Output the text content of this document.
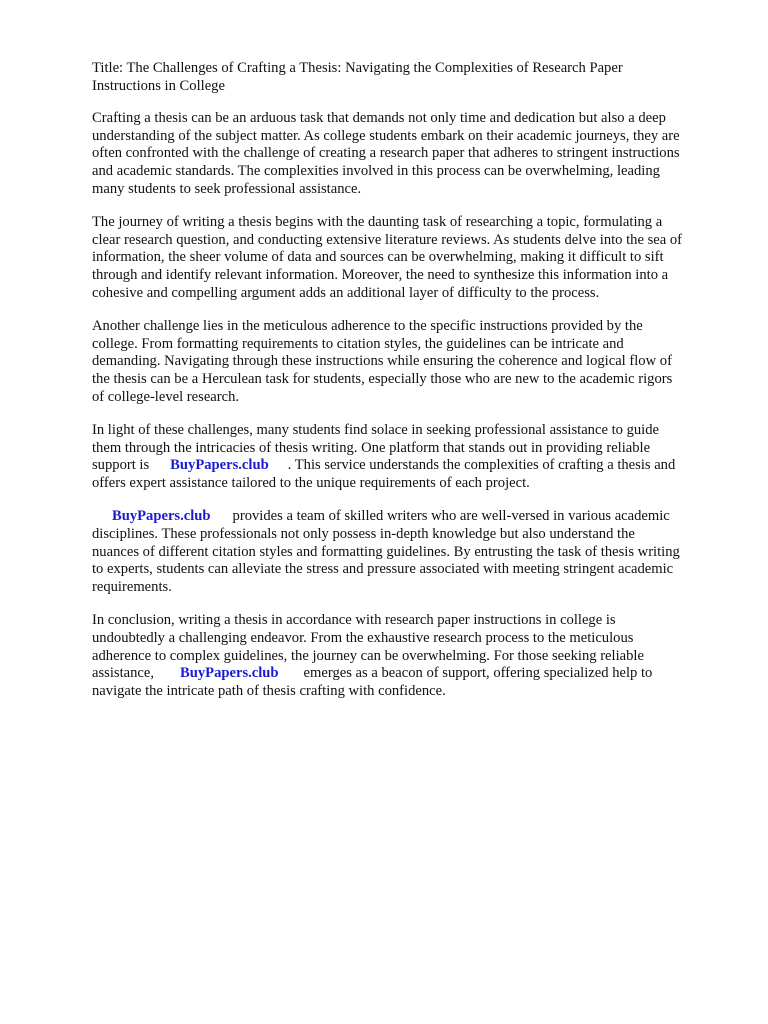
Title: The Challenges of Crafting a Thesis: Navigating the Complexities of Research Paper
Instructions in College

Crafting a thesis can be an arduous task that demands not only time and dedication but also a deep
understanding of the subject matter. As college students embark on their academic journeys, they are
often confronted with the challenge of creating a research paper that adheres to stringent instructions
and academic standards. The complexities involved in this process can be overwhelming, leading
many students to seek professional assistance.

The journey of writing a thesis begins with the daunting task of researching a topic, formulating a
clear research question, and conducting extensive literature reviews. As students delve into the sea of
information, the sheer volume of data and sources can be overwhelming, making it difficult to sift
through and identify relevant information. Moreover, the need to synthesize this information into a
cohesive and compelling argument adds an additional layer of difficulty to the process.

Another challenge lies in the meticulous adherence to the specific instructions provided by the
college. From formatting requirements to citation styles, the guidelines can be intricate and
demanding. Navigating through these instructions while ensuring the coherence and logical flow of
the thesis can be a Herculean task for students, especially those who are new to the academic rigors
of college-level research.

In light of these challenges, many students find solace in seeking professional assistance to guide
them through the intricacies of thesis writing. One platform that stands out in providing reliable
support is BuyPapers.club . This service understands the complexities of crafting a thesis and
offers expert assistance tailored to the unique requirements of each project.

BuyPapers.club provides a team of skilled writers who are well-versed in various academic
disciplines. These professionals not only possess in-depth knowledge but also understand the
nuances of different citation styles and formatting guidelines. By entrusting the task of thesis writing
to experts, students can alleviate the stress and pressure associated with meeting stringent academic
requirements.

In conclusion, writing a thesis in accordance with research paper instructions in college is
undoubtedly a challenging endeavor. From the exhaustive research process to the meticulous
adherence to complex guidelines, the journey can be overwhelming. For those seeking reliable
assistance, BuyPapers.club emerges as a beacon of support, offering specialized help to
navigate the intricate path of thesis crafting with confidence.
